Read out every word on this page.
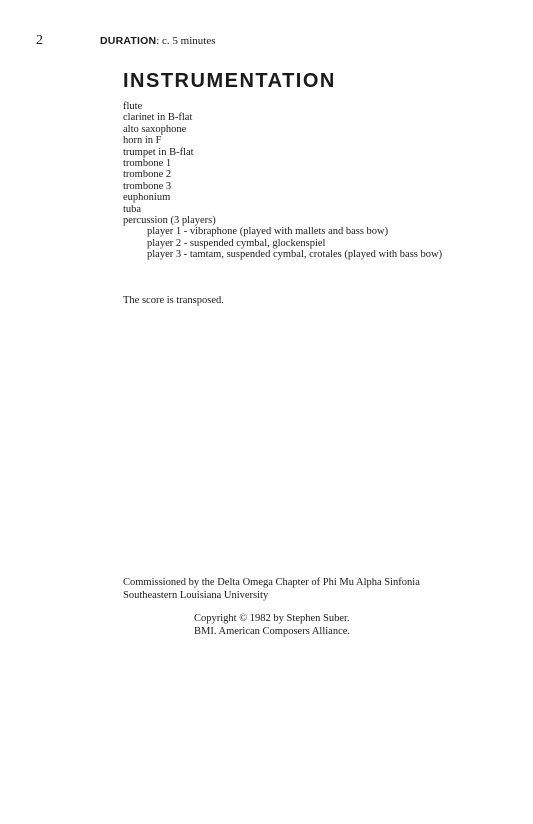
2	DURATION: c. 5 minutes
INSTRUMENTATION
flute
clarinet in B-flat
alto saxophone
horn in F
trumpet in B-flat
trombone 1
trombone 2
trombone 3
euphonium
tuba
percussion (3 players)
player 1 - vibraphone (played with mallets and bass bow)
player 2 - suspended cymbal, glockenspiel
player 3 - tamtam, suspended cymbal, crotales (played with bass bow)
The score is transposed.
Commissioned by the Delta Omega Chapter of Phi Mu Alpha Sinfonia
Southeastern Louisiana University
Copyright © 1982 by Stephen Suber.
BMI. American Composers Alliance.
